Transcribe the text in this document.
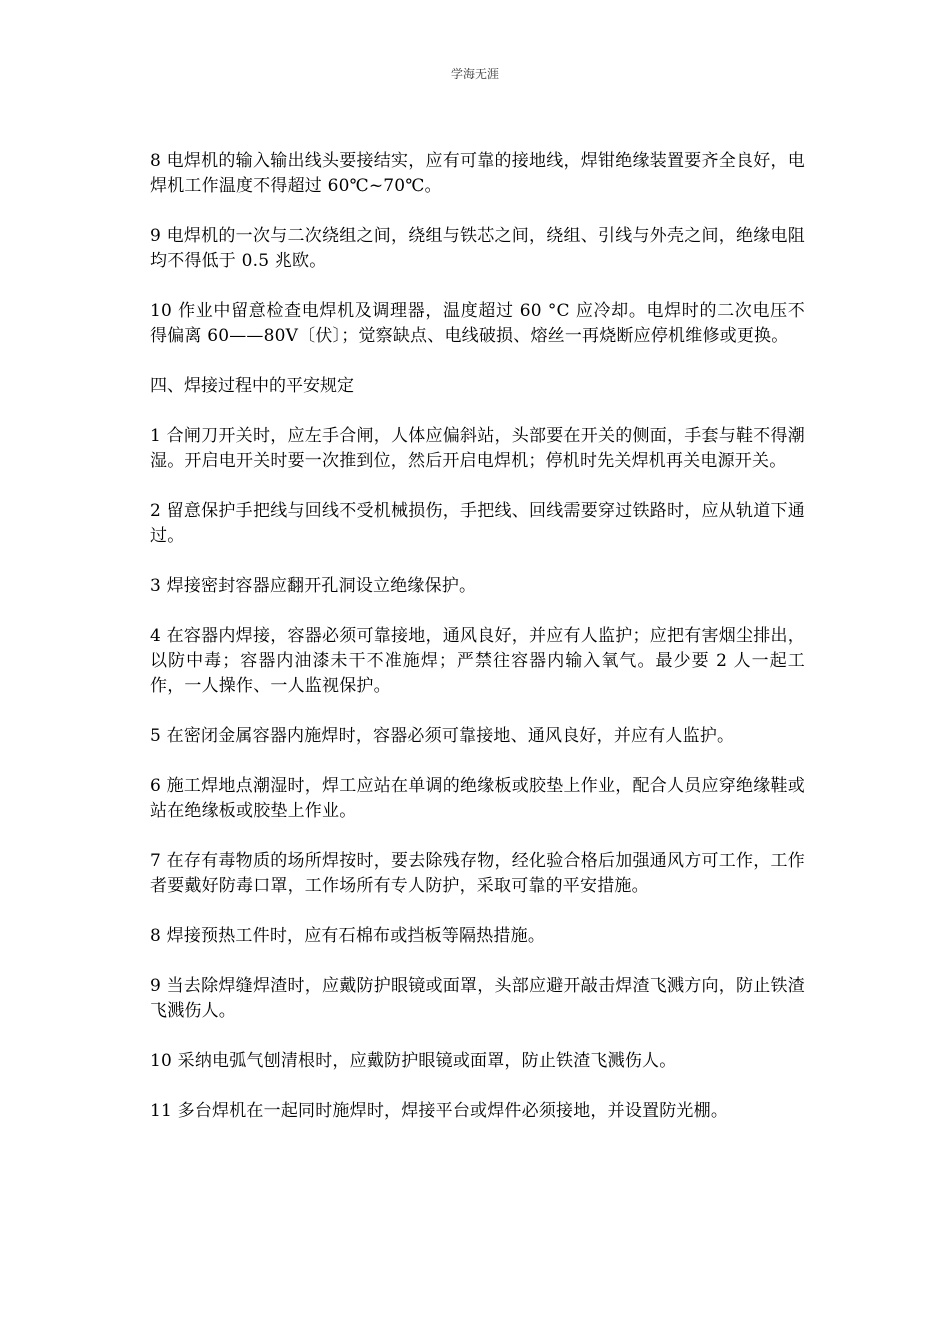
学海无涯

8 电焊机的输入输出线头要接结实，应有可靠的接地线，焊钳绝缘装置要齐全良好，电焊机工作温度不得超过 60℃~70℃。

9 电焊机的一次与二次绕组之间，绕组与铁芯之间，绕组、引线与外壳之间，绝缘电阻均不得低于 0.5 兆欧。

10 作业中留意检查电焊机及调理器，温度超过 60 °C 应冷却。电焊时的二次电压不得偏离 60——80V〔伏〕；觉察缺点、电线破损、熔丝一再烧断应停机维修或更换。

四、焊接过程中的平安规定

1 合闸刀开关时，应左手合闸，人体应偏斜站，头部要在开关的侧面，手套与鞋不得潮湿。开启电开关时要一次推到位，然后开启电焊机；停机时先关焊机再关电源开关。

2 留意保护手把线与回线不受机械损伤，手把线、回线需要穿过铁路时，应从轨道下通过。

3 焊接密封容器应翻开孔洞设立绝缘保护。

4 在容器内焊接，容器必须可靠接地，通风良好，并应有人监护；应把有害烟尘排出，以防中毒；容器内油漆未干不准施焊；严禁往容器内输入氧气。最少要 2 人一起工作，一人操作、一人监视保护。

5 在密闭金属容器内施焊时，容器必须可靠接地、通风良好，并应有人监护。

6 施工焊地点潮湿时，焊工应站在单调的绝缘板或胶垫上作业，配合人员应穿绝缘鞋或站在绝缘板或胶垫上作业。

7 在存有毒物质的场所焊按时，要去除残存物，经化验合格后加强通风方可工作，工作者要戴好防毒口罩，工作场所有专人防护，采取可靠的平安措施。

8 焊接预热工件时，应有石棉布或挡板等隔热措施。

9 当去除焊缝焊渣时，应戴防护眼镜或面罩，头部应避开敲击焊渣飞溅方向，防止铁渣飞溅伤人。

10 采纳电弧气刨清根时，应戴防护眼镜或面罩，防止铁渣飞溅伤人。

11 多台焊机在一起同时施焊时，焊接平台或焊件必须接地，并设置防光棚。
